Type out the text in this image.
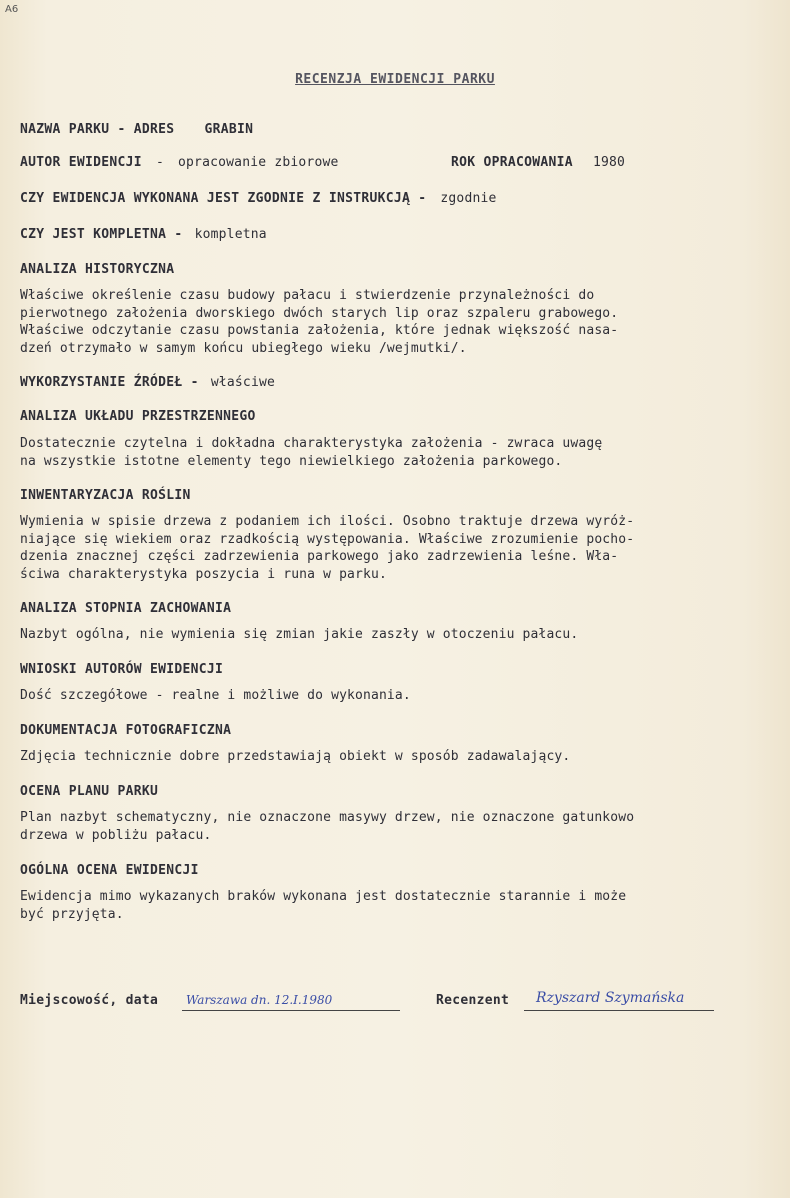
A6
RECENZJA EWIDENCJI PARKU
NAZWA PARKU - ADRES GRABIN
AUTOR EWIDENCJI - opracowanie zbiorowe	ROK OPRACOWANIA 1980
CZY EWIDENCJA WYKONANA JEST ZGODNIE Z INSTRUKCJĄ - zgodnie
CZY JEST KOMPLETNA - kompletna
ANALIZA HISTORYCZNA
Właściwe określenie czasu budowy pałacu i stwierdzenie przynależności do
pierwotnego założenia dworskiego dwóch starych lip oraz szpaleru grabowego.
Właściwe odczytanie czasu powstania założenia, które jednak większość nasa-
dzeń otrzymało w samym końcu ubiegłego wieku /wejmutki/.
WYKORZYSTANIE ŹRÓDEŁ - właściwe
ANALIZA UKŁADU PRZESTRZENNEGO
Dostatecznie czytelna i dokładna charakterystyka założenia - zwraca uwagę
na wszystkie istotne elementy tego niewielkiego założenia parkowego.
INWENTARYZACJA ROŚLIN
Wymienia w spisie drzewa z podaniem ich ilości. Osobno traktuje drzewa wyróż-
niające się wiekiem oraz rzadkością występowania. Właściwe zrozumienie pocho-
dzenia znacznej części zadrzewienia parkowego jako zadrzewienia leśne. Wła-
ściwa charakterystyka poszycia i runa w parku.
ANALIZA STOPNIA ZACHOWANIA
Nazbyt ogólna, nie wymienia się zmian jakie zaszły w otoczeniu pałacu.
WNIOSKI AUTORÓW EWIDENCJI
Dość szczegółowe - realne i możliwe do wykonania.
DOKUMENTACJA FOTOGRAFICZNA
Zdjęcia technicznie dobre przedstawiają obiekt w sposób zadawalający.
OCENA PLANU PARKU
Plan nazbyt schematyczny, nie oznaczone masywy drzew, nie oznaczone gatunkowo
drzewa w pobliżu pałacu.
OGÓLNA OCENA EWIDENCJI
Ewidencja mimo wykazanych braków wykonana jest dostatecznie starannie i może
być przyjęta.
Miejscowość, data Warszawa dn. 12.I.1980	Recenzent Rzyszard Szymańska
